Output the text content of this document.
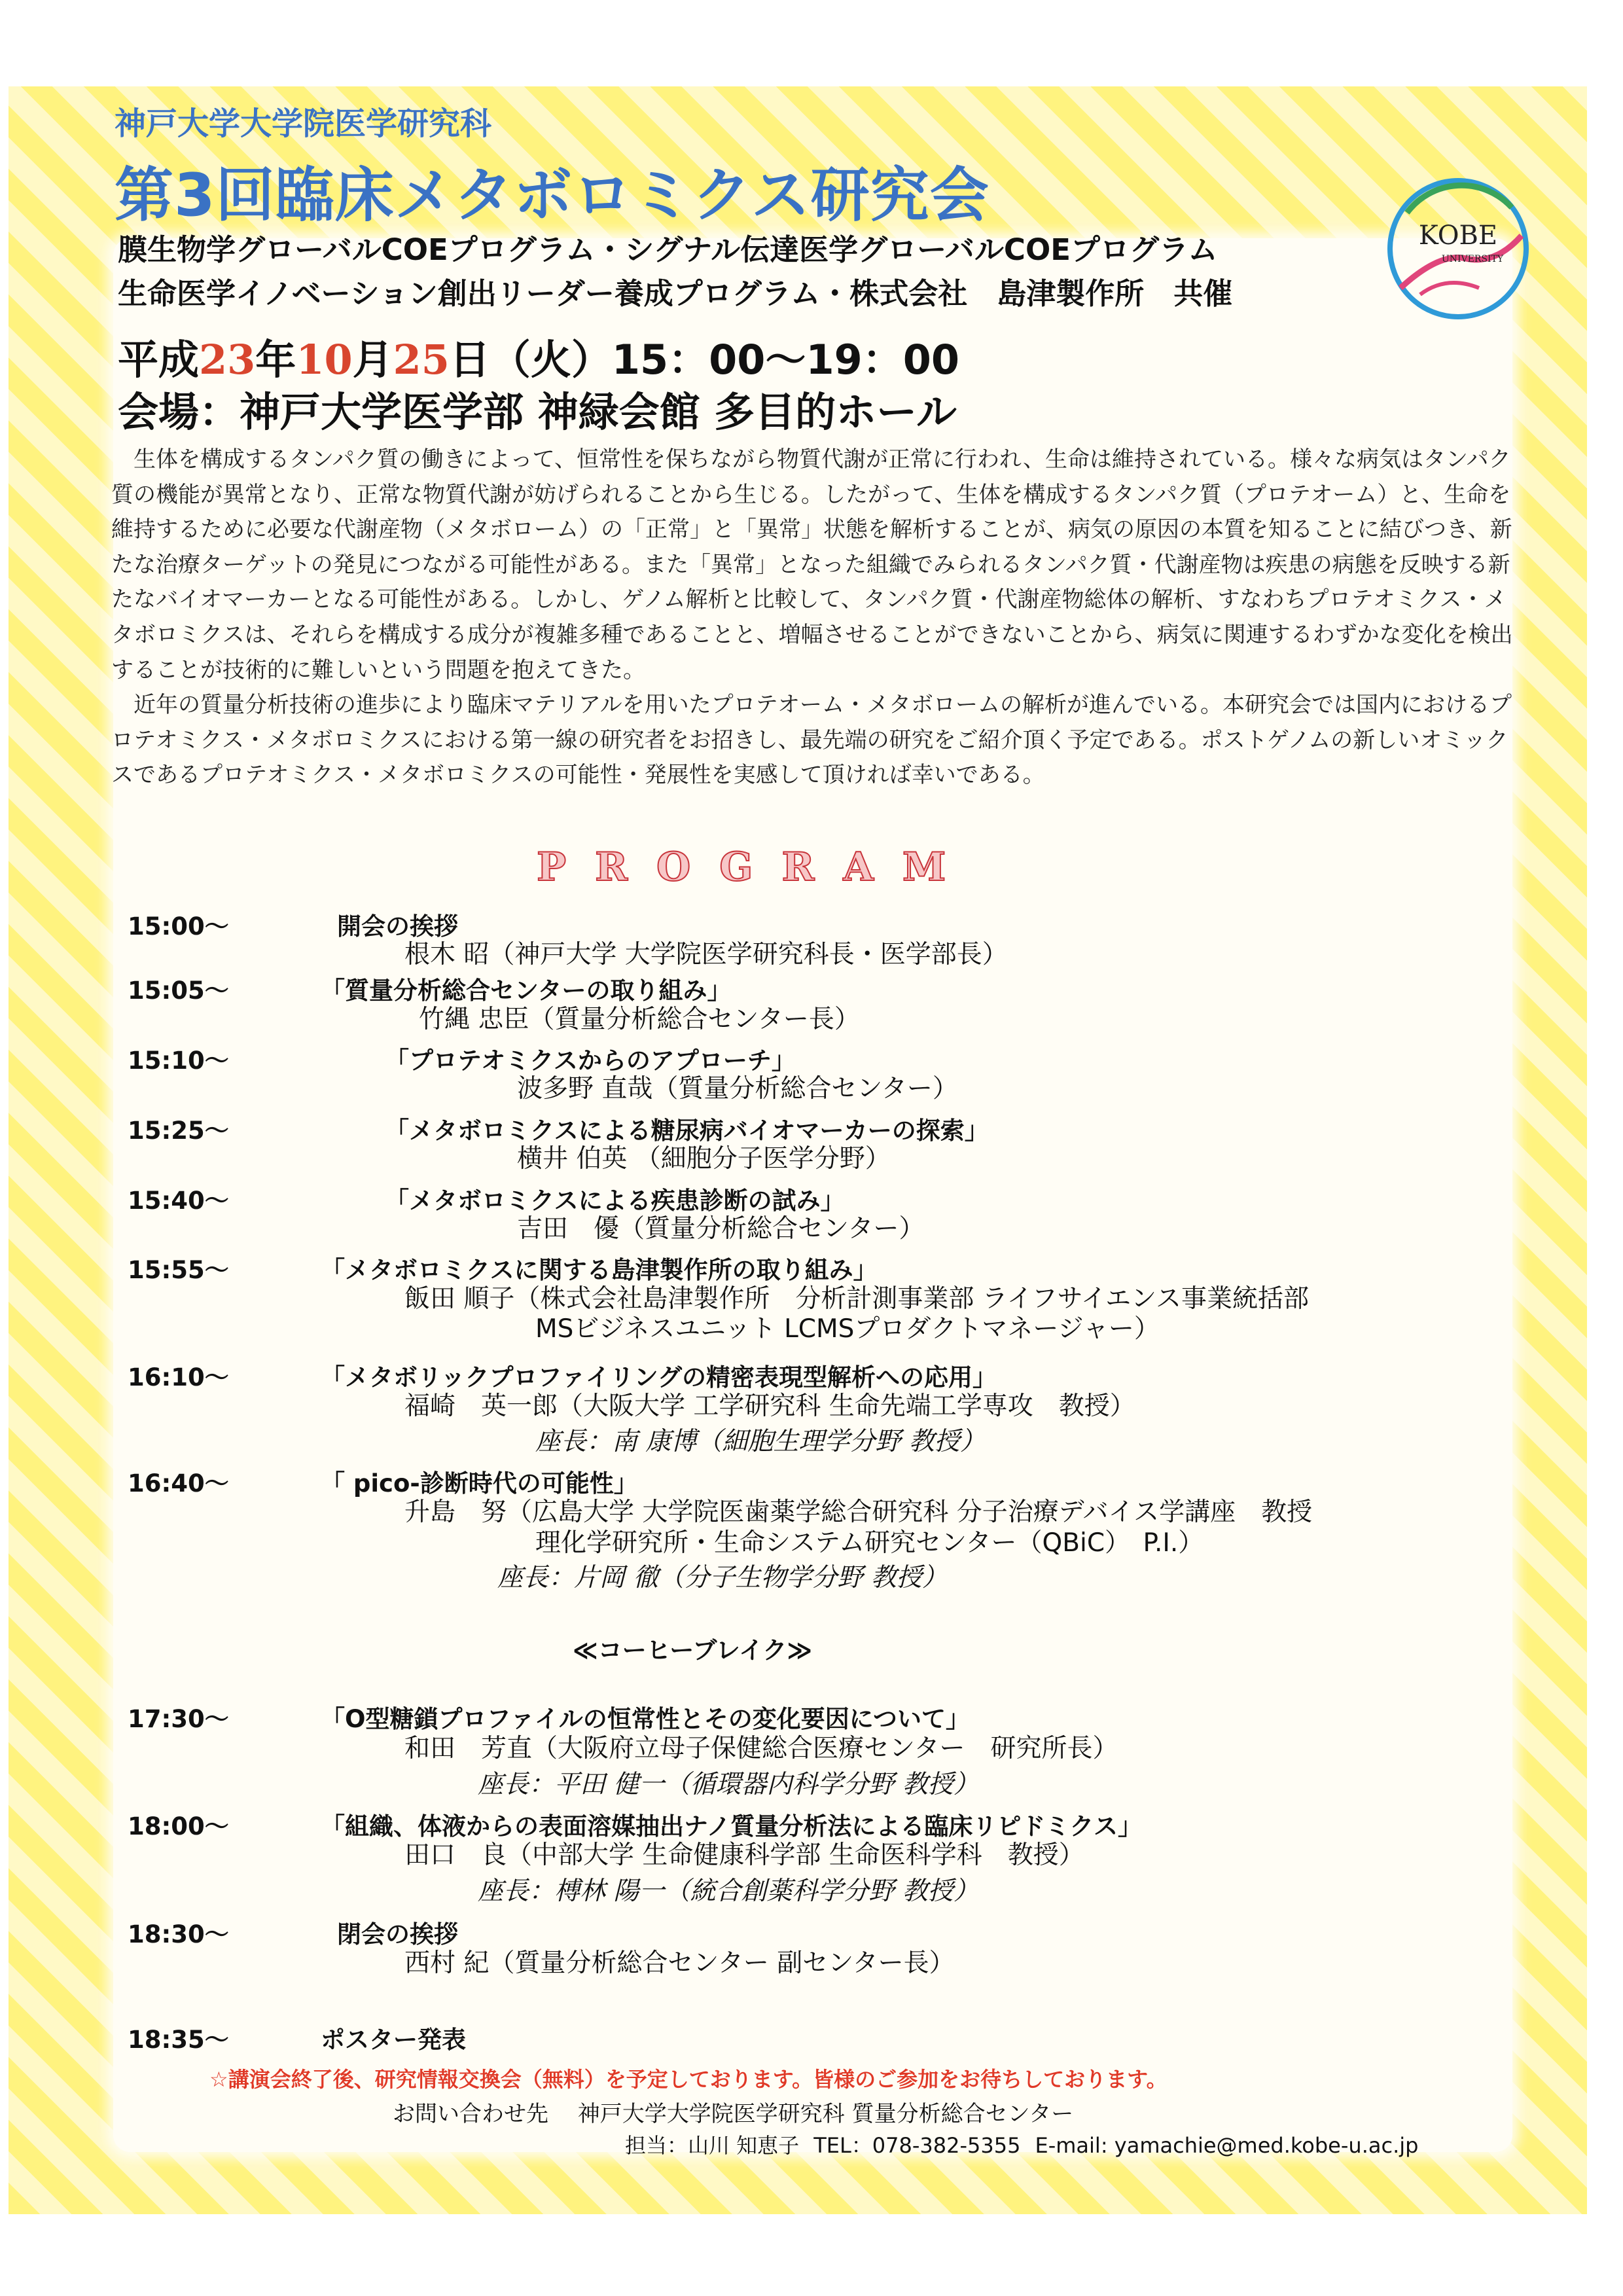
神戸大学大学院医学研究科
第3回臨床メタボロミクス研究会
膜生物学グローバルCOEプログラム・シグナル伝達医学グローバルCOEプログラム
生命医学イノベーション創出リーダー養成プログラム・株式会社　島津製作所　共催
KOBE
UNIVERSITY
平成23年10月25日（火）15：00～19：00
会場：神戸大学医学部 神緑会館 多目的ホール

生体を構成するタンパク質の働きによって、恒常性を保ちながら物質代謝が正常に行われ、生命は維持されている。様々な病気はタンパク質の機能が異常となり、正常な物質代謝が妨げられることから生じる。したがって、生体を構成するタンパク質（プロテオーム）と、生命を維持するために必要な代謝産物（メタボローム）の「正常」と「異常」状態を解析することが、病気の原因の本質を知ることに結びつき、新たな治療ターゲットの発見につながる可能性がある。また「異常」となった組織でみられるタンパク質・代謝産物は疾患の病態を反映する新たなバイオマーカーとなる可能性がある。しかし、ゲノム解析と比較して、タンパク質・代謝産物総体の解析、すなわちプロテオミクス・メタボロミクスは、それらを構成する成分が複雑多種であることと、増幅させることができないことから、病気に関連するわずかな変化を検出することが技術的に難しいという問題を抱えてきた。

近年の質量分析技術の進歩により臨床マテリアルを用いたプロテオーム・メタボロームの解析が進んでいる。本研究会では国内におけるプロテオミクス・メタボロミクスにおける第一線の研究者をお招きし、最先端の研究をご紹介頂く予定である。ポストゲノムの新しいオミックスであるプロテオミクス・メタボロミクスの可能性・発展性を実感して頂ければ幸いである。

PROGRAM
15:00～	開会の挨拶
根木 昭（神戸大学 大学院医学研究科長・医学部長）
15:05～	「質量分析総合センターの取り組み」
竹縄 忠臣（質量分析総合センター長）
15:10～	「プロテオミクスからのアプローチ」
波多野 直哉（質量分析総合センター）
15:25～	「メタボロミクスによる糖尿病バイオマーカーの探索」
横井 伯英 （細胞分子医学分野）
15:40～	「メタボロミクスによる疾患診断の試み」
吉田　優（質量分析総合センター）
15:55～	「メタボロミクスに関する島津製作所の取り組み」
飯田 順子（株式会社島津製作所　分析計測事業部 ライフサイエンス事業統括部
MSビジネスユニット LCMSプロダクトマネージャー）
16:10～	「メタボリックプロファイリングの精密表現型解析への応用」
福崎　英一郎（大阪大学 工学研究科 生命先端工学専攻　教授）
座長：南 康博（細胞生理学分野 教授）
16:40～	「 pico-診断時代の可能性」
升島　努（広島大学 大学院医歯薬学総合研究科 分子治療デバイス学講座　教授
理化学研究所・生命システム研究センター（QBiC）　P.I.）
座長：片岡 徹（分子生物学分野 教授）
≪コーヒーブレイク≫
17:30～	「O型糖鎖プロファイルの恒常性とその変化要因について」
和田　芳直（大阪府立母子保健総合医療センター　研究所長）
座長：平田 健一（循環器内科学分野 教授）
18:00～	「組織、体液からの表面溶媒抽出ナノ質量分析法による臨床リピドミクス」
田口　良（中部大学 生命健康科学部 生命医科学科　教授）
座長：榑林 陽一（統合創薬科学分野 教授）
18:30～	閉会の挨拶
西村 紀（質量分析総合センター 副センター長）
18:35～	ポスター発表
☆講演会終了後、研究情報交換会（無料）を予定しております。皆様のご参加をお待ちしております。
お問い合わせ先　 神戸大学大学院医学研究科 質量分析総合センター
担当：山川 知恵子 TEL：078-382-5355 E-mail: yamachie@med.kobe-u.ac.jp
